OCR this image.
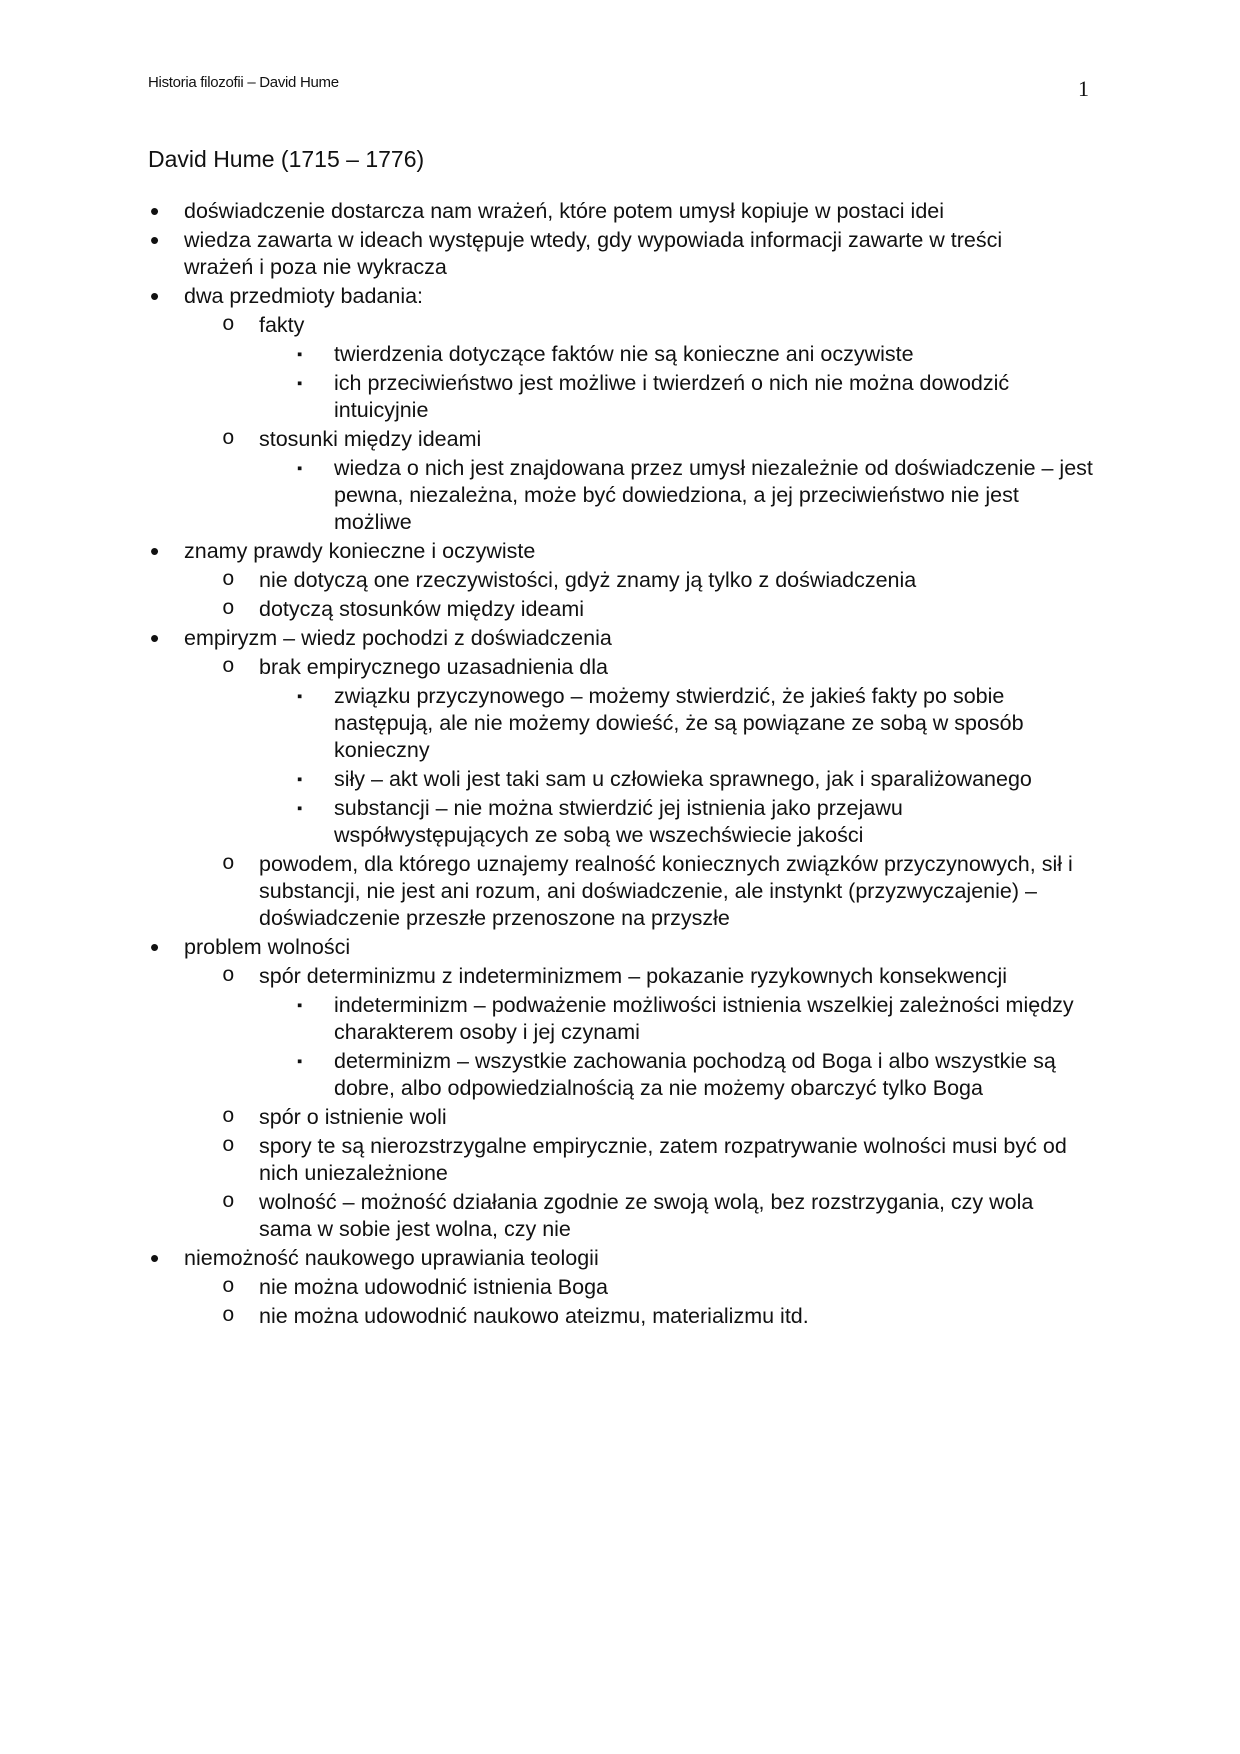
Historia filozofii – David Hume	1
David Hume (1715 – 1776)
• doświadczenie dostarcza nam wrażeń, które potem umysł kopiuje w postaci idei
• wiedza zawarta w ideach występuje wtedy, gdy wypowiada informacji zawarte w treści wrażeń i poza nie wykracza
• dwa przedmioty badania:
o fakty
▪ twierdzenia dotyczące faktów nie są konieczne ani oczywiste
▪ ich przeciwieństwo jest możliwe i twierdzeń o nich nie można dowodzić intuicyjnie
o stosunki między ideami
▪ wiedza o nich jest znajdowana przez umysł niezależnie od doświadczenie – jest pewna, niezależna, może być dowiedziona, a jej przeciwieństwo nie jest możliwe
• znamy prawdy konieczne i oczywiste
o nie dotyczą one rzeczywistości, gdyż znamy ją tylko z doświadczenia
o dotyczą stosunków między ideami
• empiryzm – wiedz pochodzi z doświadczenia
o brak empirycznego uzasadnienia dla
▪ związku przyczynowego – możemy stwierdzić, że jakieś fakty po sobie następują, ale nie możemy dowieść, że są powiązane ze sobą w sposób konieczny
▪ siły – akt woli jest taki sam u człowieka sprawnego, jak i sparaliżowanego
▪ substancji – nie można stwierdzić jej istnienia jako przejawu współwystępujących ze sobą we wszechświecie jakości
o powodem, dla którego uznajemy realność koniecznych związków przyczynowych, sił i substancji, nie jest ani rozum, ani doświadczenie, ale instynkt (przyzwyczajenie) – doświadczenie przeszłe przenoszone na przyszłe
• problem wolności
o spór determinizmu z indeterminizmem – pokazanie ryzykownych konsekwencji
▪ indeterminizm – podważenie możliwości istnienia wszelkiej zależności między charakterem osoby i jej czynami
▪ determinizm – wszystkie zachowania pochodzą od Boga i albo wszystkie są dobre, albo odpowiedzialnością za nie możemy obarczyć tylko Boga
o spór o istnienie woli
o spory te są nierozstrzygalne empirycznie, zatem rozpatrywanie wolności musi być od nich uniezależnione
o wolność – możność działania zgodnie ze swoją wolą, bez rozstrzygania, czy wola sama w sobie jest wolna, czy nie
• niemożność naukowego uprawiania teologii
o nie można udowodnić istnienia Boga
o nie można udowodnić naukowo ateizmu, materializmu itd.
